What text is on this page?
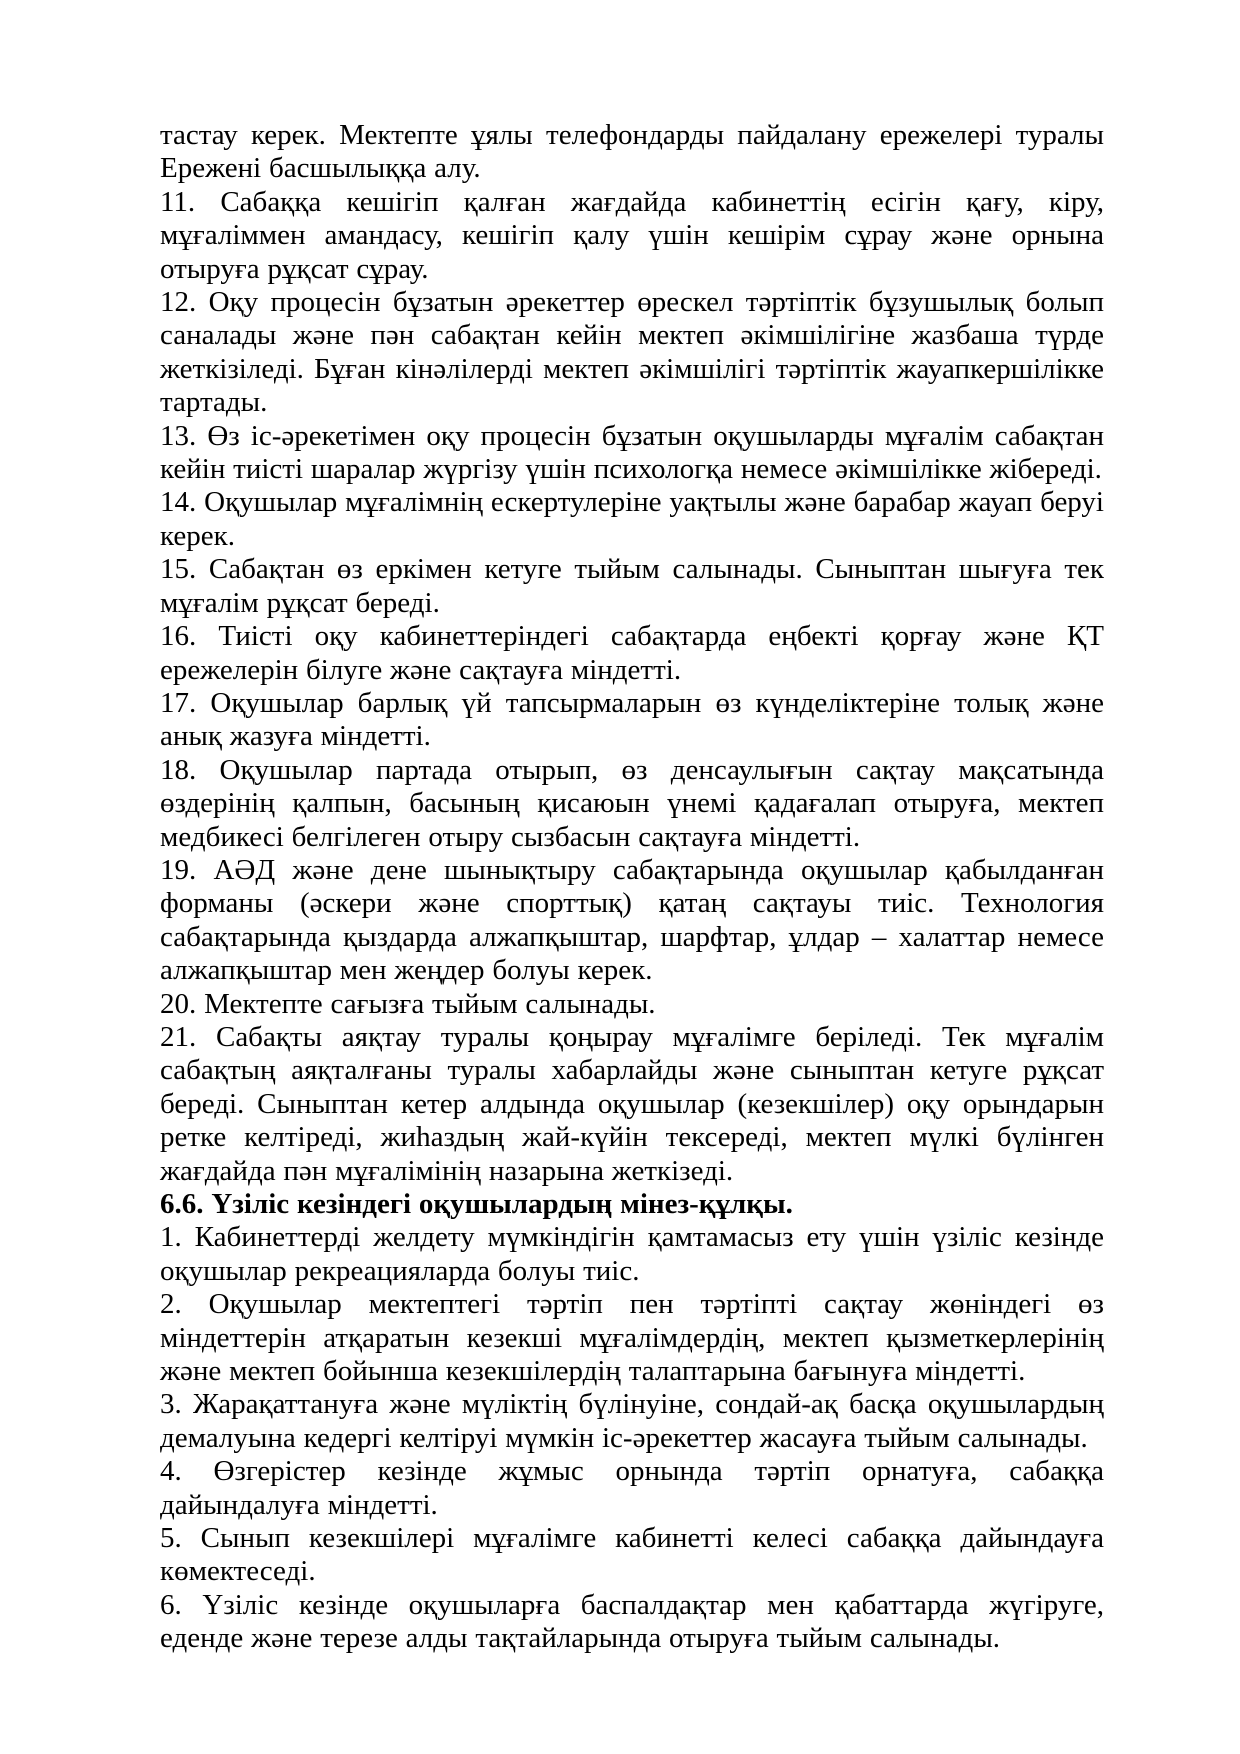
тастау керек. Мектепте ұялы телефондарды пайдалану ережелері туралы Ережені басшылыққа алу.

11. Сабаққа кешігіп қалған жағдайда кабинеттің есігін қағу, кіру, мұғаліммен амандасу, кешігіп қалу үшін кешірім сұрау және орнына отыруға рұқсат сұрау.

12. Оқу процесін бұзатын әрекеттер өрескел тәртіптік бұзушылық болып саналады және пән сабақтан кейін мектеп әкімшілігіне жазбаша түрде жеткізіледі. Бұған кінәлілерді мектеп әкімшілігі тәртіптік жауапкершілікке тартады.

13. Өз іс-әрекетімен оқу процесін бұзатын оқушыларды мұғалім сабақтан кейін тиісті шаралар жүргізу үшін психологқа немесе әкімшілікке жібереді.

14. Оқушылар мұғалімнің ескертулеріне уақтылы және барабар жауап беруі керек.

15. Сабақтан өз еркімен кетуге тыйым салынады. Сыныптан шығуға тек мұғалім рұқсат береді.

16. Тиісті оқу кабинеттеріндегі сабақтарда еңбекті қорғау және ҚТ ережелерін білуге және сақтауға міндетті.

17. Оқушылар барлық үй тапсырмаларын өз күнделіктеріне толық және анық жазуға міндетті.

18. Оқушылар партада отырып, өз денсаулығын сақтау мақсатында өздерінің қалпын, басының қисаюын үнемі қадағалап отыруға, мектеп медбикесі белгілеген отыру сызбасын сақтауға міндетті.

19. АӘД және дене шынықтыру сабақтарында оқушылар қабылданған форманы (әскери және спорттық) қатаң сақтауы тиіс. Технология сабақтарында қыздарда алжапқыштар, шарфтар, ұлдар – халаттар немесе алжапқыштар мен жеңдер болуы керек.

20. Мектепте сағызға тыйым салынады.

21. Сабақты аяқтау туралы қоңырау мұғалімге беріледі. Тек мұғалім сабақтың аяқталғаны туралы хабарлайды және сыныптан кетуге рұқсат береді. Сыныптан кетер алдында оқушылар (кезекшілер) оқу орындарын ретке келтіреді, жиһаздың жай-күйін тексереді, мектеп мүлкі бүлінген жағдайда пән мұғалімінің назарына жеткізеді.

6.6. Үзіліс кезіндегі оқушылардың мінез-құлқы.

1. Кабинеттерді желдету мүмкіндігін қамтамасыз ету үшін үзіліс кезінде оқушылар рекреацияларда болуы тиіс.

2. Оқушылар мектептегі тәртіп пен тәртіпті сақтау жөніндегі өз міндеттерін атқаратын кезекші мұғалімдердің, мектеп қызметкерлерінің және мектеп бойынша кезекшілердің талаптарына бағынуға міндетті.

3. Жарақаттануға және мүліктің бүлінуіне, сондай-ақ басқа оқушылардың демалуына кедергі келтіруі мүмкін іс-әрекеттер жасауға тыйым салынады.

4. Өзгерістер кезінде жұмыс орнында тәртіп орнатуға, сабаққа дайындалуға міндетті.

5. Сынып кезекшілері мұғалімге кабинетті келесі сабаққа дайындауға көмектеседі.

6. Үзіліс кезінде оқушыларға баспалдақтар мен қабаттарда жүгіруге, еденде және терезе алды тақтайларында отыруға тыйым салынады.
